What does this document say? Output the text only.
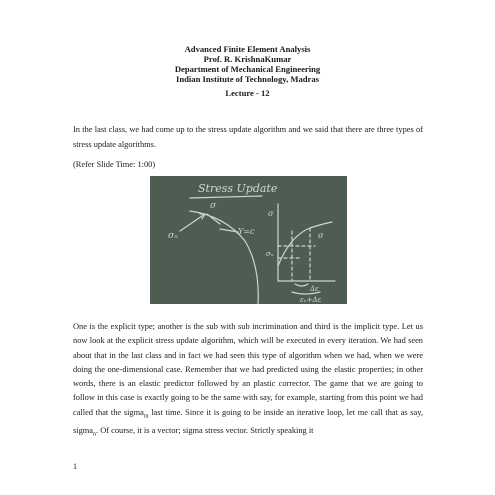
Advanced Finite Element Analysis
Prof. R. KrishnaKumar
Department of Mechanical Engineering
Indian Institute of Technology, Madras
Lecture - 12
In the last class, we had come up to the stress update algorithm and we said that there are three types of stress update algorithms.
(Refer Slide Time: 1:00)
Stress Update
σ
σₙ	Y=c
σ
σ
σₙ
Δε
εₙ+Δε
One is the explicit type; another is the sub with sub incrimination and third is the implicit type. Let us now look at the explicit stress update algorithm, which will be executed in every iteration. We had seen about that in the last class and in fact we had seen this type of algorithm when we had, when we were doing the one-dimensional case. Remember that we had predicted using the elastic properties; in other words, there is an elastic predictor followed by an plastic corrector. The game that we are going to follow in this case is exactly going to be the same with say, for example, starting from this point we had called that the sigma$_m$ last time. Since it is going to be inside an iterative loop, let me call that as say, sigma$_n$. Of course, it is a vector; sigma stress vector. Strictly speaking it
1
